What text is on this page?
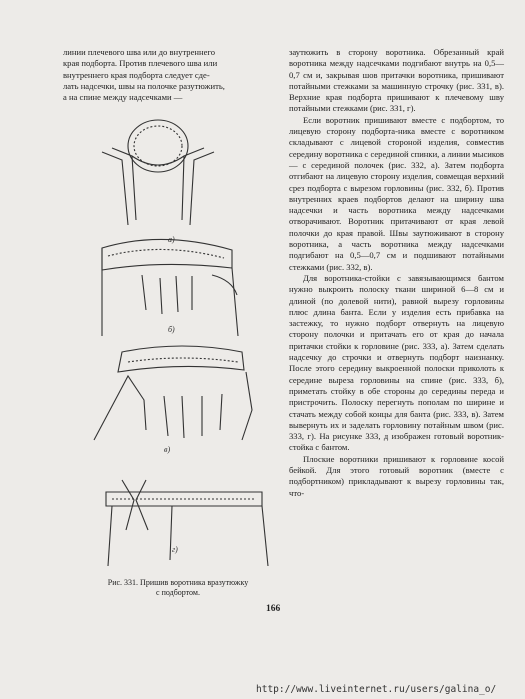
линии плечевого шва или до внутреннего

края подборта. Против плечевого шва или

внутреннего края подборта следует сде-

лать надсечки, швы на полочке разутюжить,

а на спине между надсечками —

а)
б)
в)
г)
Рис. 331. Пришив воротника вразутюжку
с подбортом.

заутюжить в сторону воротника. Обрезанный край воротника между надсечками подгибают внутрь на 0,5—0,7 см и, закрывая шов притачки воротника, пришивают потайными стежками за машинную строчку (рис. 331, в). Верхние края подборта пришивают к плечевому шву потайными стежками (рис. 331, г).

Если воротник пришивают вместе с подбортом, то лицевую сторону подборта-ника вместе с воротником складывают с лицевой стороной изделия, совместив середину воротника с серединой спинки, а линии мысиков — с серединой полочек (рис. 332, а). Затем подборта отгибают на лицевую сторону изделия, совмещая верхний срез подборта с вырезом горловины (рис. 332, б). Против внутренних краев подбортов делают на ширину шва надсечки и часть воротника между надсечками отворачивают. Воротник притачивают от края левой полочки до края правой. Швы заутюживают в сторону воротника, а часть воротника между надсечками подгибают на 0,5—0,7 см и подшивают потайными стежками (рис. 332, в).

Для воротника-стойки с завязывающимся бантом нужно выкроить полоску ткани шириной 6—8 см и длиной (по долевой нити), равной вырезу горловины плюс длина банта. Если у изделия есть прибавка на застежку, то нужно подборт отвернуть на лицевую сторону полочки и притачать его от края до начала притачки стойки к горловине (рис. 333, а). Затем сделать надсечку до строчки и отвернуть подборт наизнанку. После этого середину выкроенной полоски приколоть к середине выреза горловины на спине (рис. 333, б), приметать стойку в обе стороны до середины переда и пристрочить. Полоску перегнуть пополам по ширине и стачать между собой концы для банта (рис. 333, в). Затем вывернуть их и заделать горловину потайным швом (рис. 333, г). На рисунке 333, д изображен готовый воротник-стойка с бантом.

Плоские воротники пришивают к горловине косой бейкой. Для этого готовый воротник (вместе с подбортником) прикладывают к вырезу горловины так, что-

166
http://www.liveinternet.ru/users/galina_o/
